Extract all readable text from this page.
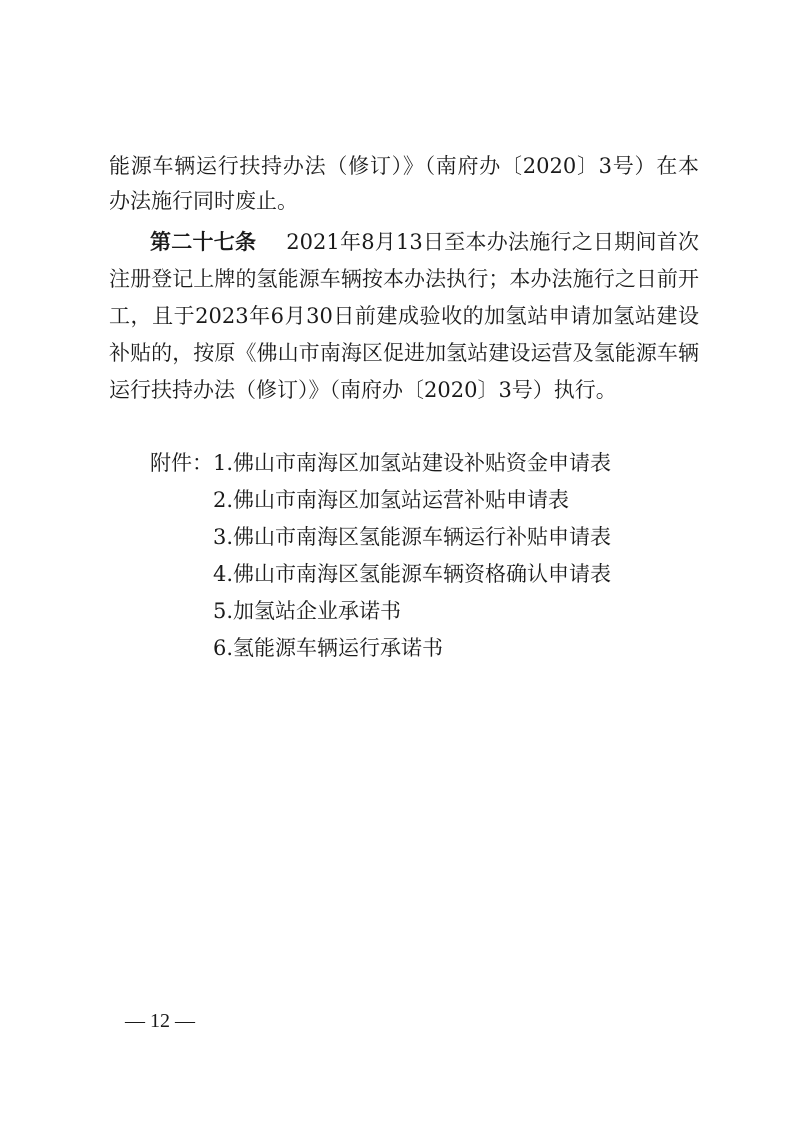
能源车辆运行扶持办法（修订）》（南府办〔2020〕3号）在本
办法施行同时废止。
第二十七条 2021年8月13日至本办法施行之日期间首次
注册登记上牌的氢能源车辆按本办法执行；本办法施行之日前开
工，且于2023年6月30日前建成验收的加氢站申请加氢站建设
补贴的，按原《佛山市南海区促进加氢站建设运营及氢能源车辆
运行扶持办法（修订）》（南府办〔2020〕3号）执行。
附件： 1.佛山市南海区加氢站建设补贴资金申请表
2.佛山市南海区加氢站运营补贴申请表
3.佛山市南海区氢能源车辆运行补贴申请表
4.佛山市南海区氢能源车辆资格确认申请表
5.加氢站企业承诺书
6.氢能源车辆运行承诺书
— 12 —
